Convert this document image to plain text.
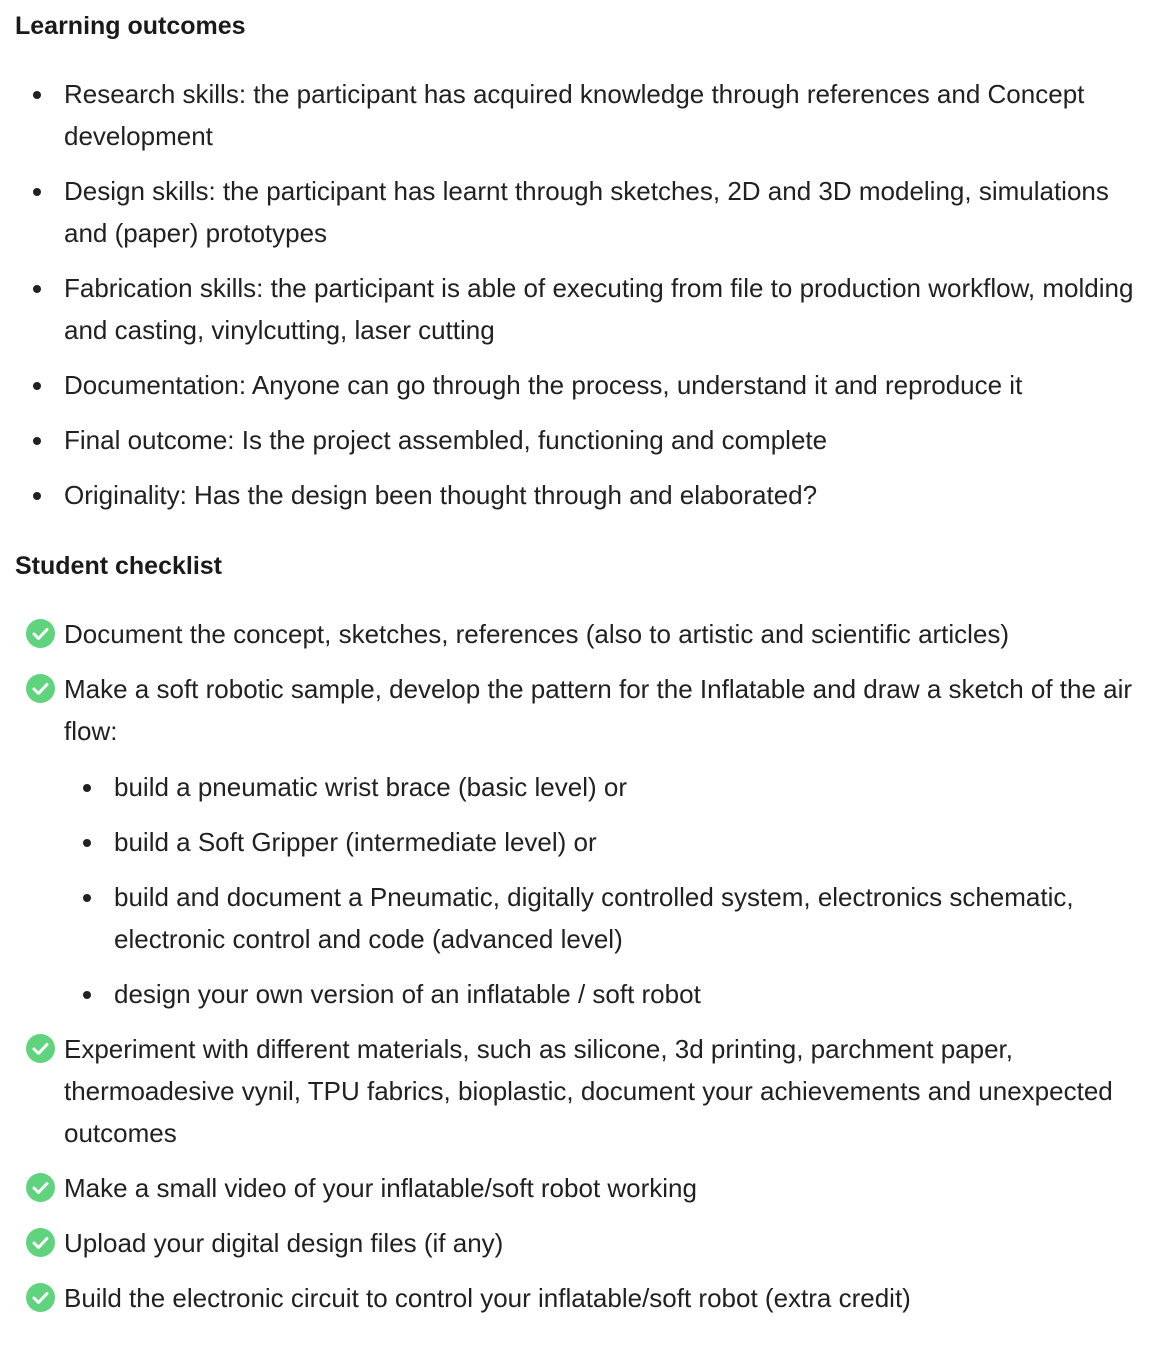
Learning outcomes
Research skills: the participant has acquired knowledge through references and Concept development
Design skills: the participant has learnt through sketches, 2D and 3D modeling, simulations and (paper) prototypes
Fabrication skills: the participant is able of executing from file to production workflow, molding and casting, vinylcutting, laser cutting
Documentation: Anyone can go through the process, understand it and reproduce it
Final outcome: Is the project assembled, functioning and complete
Originality: Has the design been thought through and elaborated?
Student checklist
Document the concept, sketches, references (also to artistic and scientific articles)
Make a soft robotic sample, develop the pattern for the Inflatable and draw a sketch of the air flow:
build a pneumatic wrist brace (basic level) or
build a Soft Gripper (intermediate level) or
build and document a Pneumatic, digitally controlled system, electronics schematic, electronic control and code (advanced level)
design your own version of an inflatable / soft robot
Experiment with different materials, such as silicone, 3d printing, parchment paper, thermoadesive vynil, TPU fabrics, bioplastic, document your achievements and unexpected outcomes
Make a small video of your inflatable/soft robot working
Upload your digital design files (if any)
Build the electronic circuit to control your inflatable/soft robot (extra credit)
